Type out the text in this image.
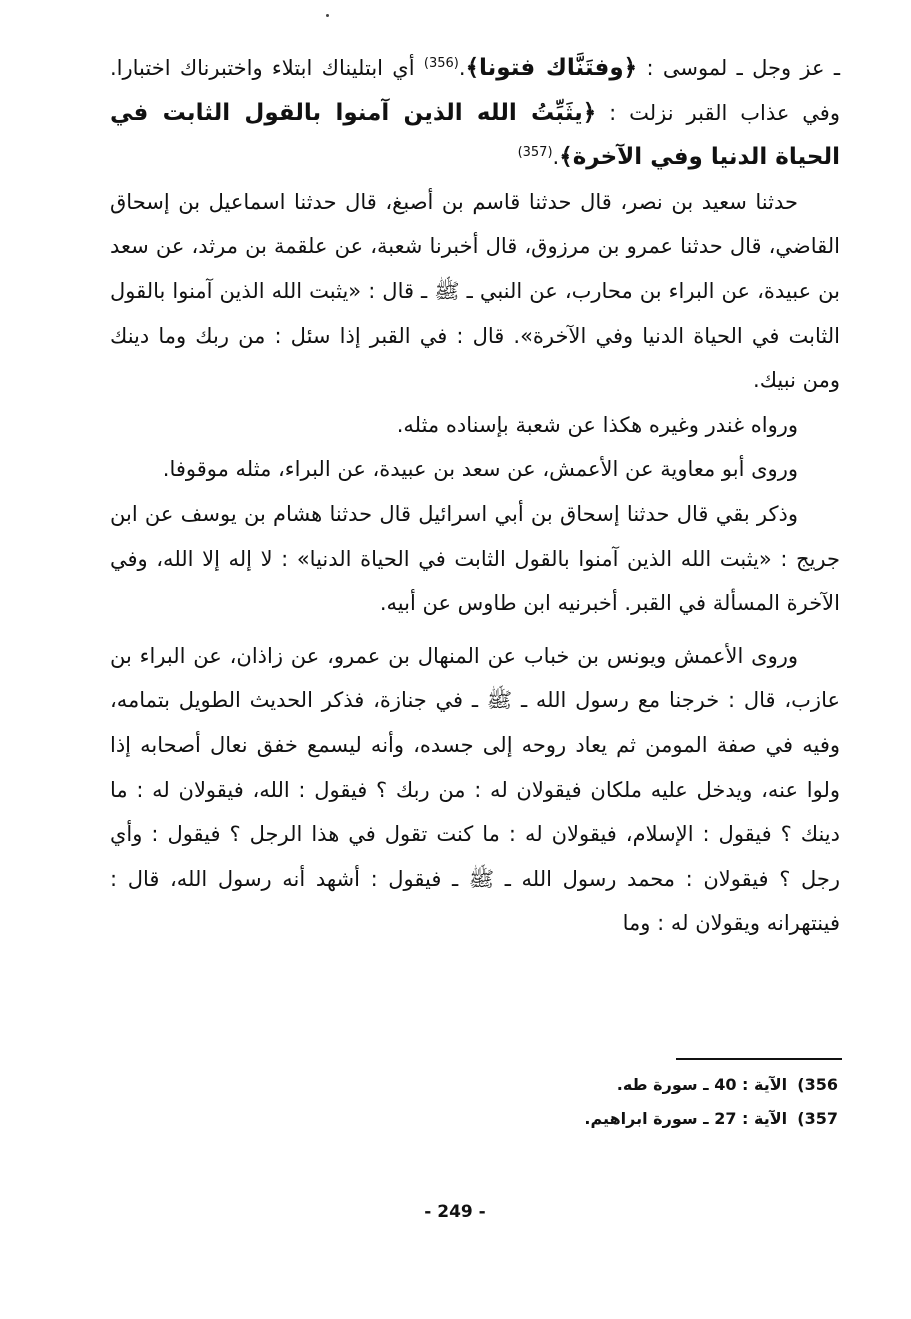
ـ عز وجل ـ لموسى : ﴿وفتَنَّاك فتونا﴾.$^{(356)}$ أي ابتليناك ابتلاء واختبرناك اختبارا. وفي عذاب القبر نزلت : ﴿يثَبِّتُ الله الذين آمنوا بالقول الثابت في الحياة الدنيا وفي الآخرة﴾.$^{(357)}$

حدثنا سعيد بن نصر، قال حدثنا قاسم بن أصبغ، قال حدثنا اسماعيل بن إسحاق القاضي، قال حدثنا عمرو بن مرزوق، قال أخبرنا شعبة، عن علقمة بن مرثد، عن سعد بن عبيدة، عن البراء بن محارب، عن النبي ـ ﷺ ـ قال : «يثبت الله الذين آمنوا بالقول الثابت في الحياة الدنيا وفي الآخرة». قال : في القبر إذا سئل : من ربك وما دينك ومن نبيك.

ورواه غندر وغيره هكذا عن شعبة بإسناده مثله.

وروى أبو معاوية عن الأعمش، عن سعد بن عبيدة، عن البراء، مثله موقوفا.

وذكر بقي قال حدثنا إسحاق بن أبي اسرائيل قال حدثنا هشام بن يوسف عن ابن جريج : «يثبت الله الذين آمنوا بالقول الثابت في الحياة الدنيا» : لا إله إلا الله، وفي الآخرة المسألة في القبر. أخبرنيه ابن طاوس عن أبيه.

وروى الأعمش ويونس بن خباب عن المنهال بن عمرو، عن زاذان، عن البراء بن عازب، قال : خرجنا مع رسول الله ـ ﷺ ـ في جنازة، فذكر الحديث الطويل بتمامه، وفيه في صفة المومن ثم يعاد روحه إلى جسده، وأنه ليسمع خفق نعال أصحابه إذا ولوا عنه، ويدخل عليه ملكان فيقولان له : من ربك ؟ فيقول : الله، فيقولان له : ما دينك ؟ فيقول : الإسلام، فيقولان له : ما كنت تقول في هذا الرجل ؟ فيقول : وأي رجل ؟ فيقولان : محمد رسول الله ـ ﷺ ـ فيقول : أشهد أنه رسول الله، قال : فينتهرانه ويقولان له : وما

356)  الآية : 40 ـ سورة طه.
357)  الآية : 27 ـ سورة ابراهيم.
- 249 -
